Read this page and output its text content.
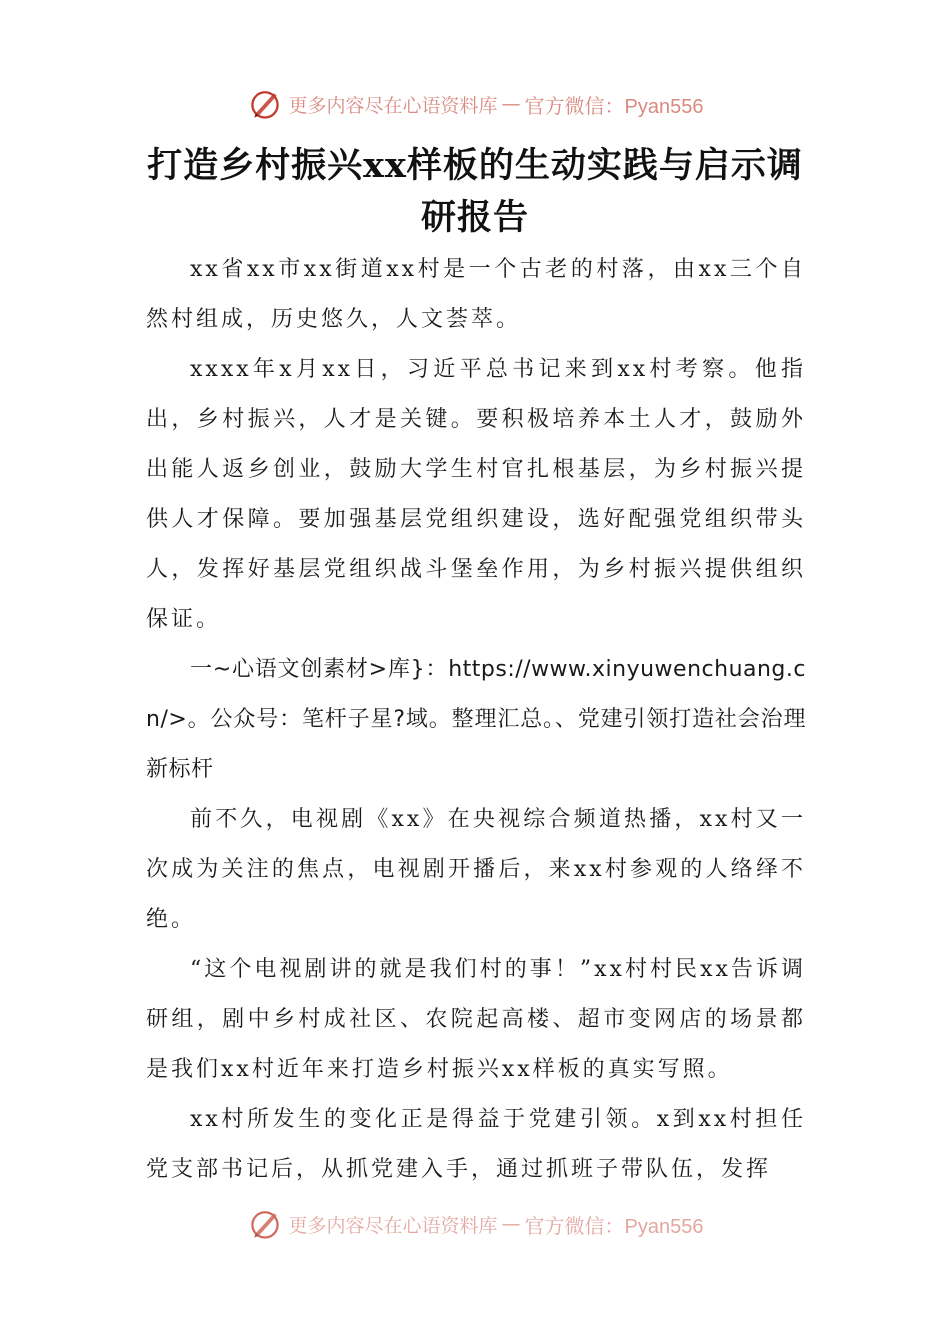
更多内容尽在心语资料库 — 官方微信：Pyan556
打造乡村振兴xx样板的生动实践与启示调研报告

xx省xx市xx街道xx村是一个古老的村落，由xx三个自然村组成，历史悠久，人文荟萃。

xxxx年x月xx日，习近平总书记来到xx村考察。他指出，乡村振兴，人才是关键。要积极培养本土人才，鼓励外出能人返乡创业，鼓励大学生村官扎根基层，为乡村振兴提供人才保障。要加强基层党组织建设，选好配强党组织带头人，发挥好基层党组织战斗堡垒作用，为乡村振兴提供组织保证。

一~心语文创素材>库}：https://www.xinyuwenchuang.cn/>。公众号：笔杆子星?域。整理汇总。、党建引领打造社会治理新标杆

前不久，电视剧《xx》在央视综合频道热播，xx村又一次成为关注的焦点，电视剧开播后，来xx村参观的人络绎不绝。

“这个电视剧讲的就是我们村的事！”xx村村民xx告诉调研组，剧中乡村成社区、农院起高楼、超市变网店的场景都是我们xx村近年来打造乡村振兴xx样板的真实写照。

xx村所发生的变化正是得益于党建引领。x到xx村担任党支部书记后，从抓党建入手，通过抓班子带队伍，发挥

更多内容尽在心语资料库 — 官方微信：Pyan556
